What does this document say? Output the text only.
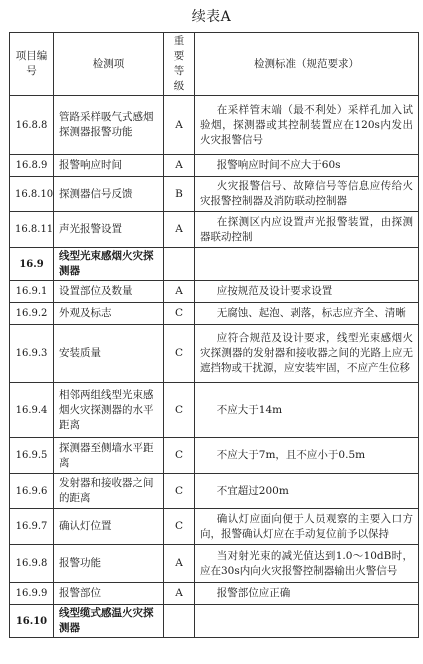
续表A
项目编号	检测项	重要等级	检测标准（规范要求）
16.8.8	管路采样吸气式感烟探测器报警功能	A	在采样管末端（最不利处）采样孔加入试验烟，探测器或其控制装置应在120s内发出火灾报警信号
16.8.9	报警响应时间	A	报警响应时间不应大于60s
16.8.10	探测器信号反馈	B	火灾报警信号、故障信号等信息应传给火灾报警控制器及消防联动控制器
16.8.11	声光报警设置	A	在探测区内应设置声光报警装置，由探测器联动控制
16.9	线型光束感烟火灾探测器		
16.9.1	设置部位及数量	A	应按规范及设计要求设置
16.9.2	外观及标志	C	无腐蚀、起泡、剥落，标志应齐全、清晰
16.9.3	安装质量	C	应符合规范及设计要求，线型光束感烟火灾探测器的发射器和接收器之间的光路上应无遮挡物或干扰源，应安装牢固，不应产生位移
16.9.4	相邻两组线型光束感烟火灾探测器的水平距离	C	不应大于14m
16.9.5	探测器至侧墙水平距离	C	不应大于7m，且不应小于0.5m
16.9.6	发射器和接收器之间的距离	C	不宜超过200m
16.9.7	确认灯位置	C	确认灯应面向便于人员观察的主要入口方向，报警确认灯应在手动复位前予以保持
16.9.8	报警功能	A	当对射光束的减光值达到1.0～10dB时，应在30s内向火灾报警控制器输出火警信号
16.9.9	报警部位	A	报警部位应正确
16.10	线型缆式感温火灾探测器		
